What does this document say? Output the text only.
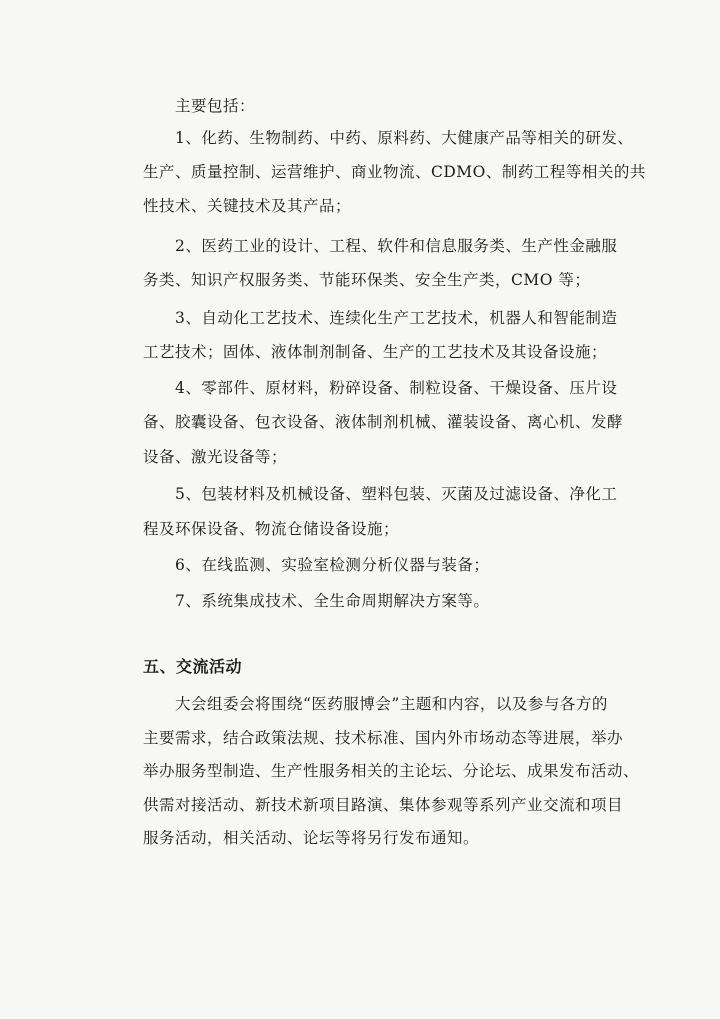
主要包括：
1、化药、生物制药、中药、原料药、大健康产品等相关的研发、
生产、质量控制、运营维护、商业物流、CDMO、制药工程等相关的共
性技术、关键技术及其产品；
2、医药工业的设计、工程、软件和信息服务类、生产性金融服
务类、知识产权服务类、节能环保类、安全生产类，CMO 等；
3、自动化工艺技术、连续化生产工艺技术，机器人和智能制造
工艺技术；固体、液体制剂制备、生产的工艺技术及其设备设施；
4、零部件、原材料，粉碎设备、制粒设备、干燥设备、压片设
备、胶囊设备、包衣设备、液体制剂机械、灌装设备、离心机、发酵
设备、激光设备等；
5、包装材料及机械设备、塑料包装、灭菌及过滤设备、净化工
程及环保设备、物流仓储设备设施；
6、在线监测、实验室检测分析仪器与装备；
7、系统集成技术、全生命周期解决方案等。
五、交流活动
大会组委会将围绕“医药服博会”主题和内容，以及参与各方的
主要需求，结合政策法规、技术标准、国内外市场动态等进展，举办
举办服务型制造、生产性服务相关的主论坛、分论坛、成果发布活动、
供需对接活动、新技术新项目路演、集体参观等系列产业交流和项目
服务活动，相关活动、论坛等将另行发布通知。
